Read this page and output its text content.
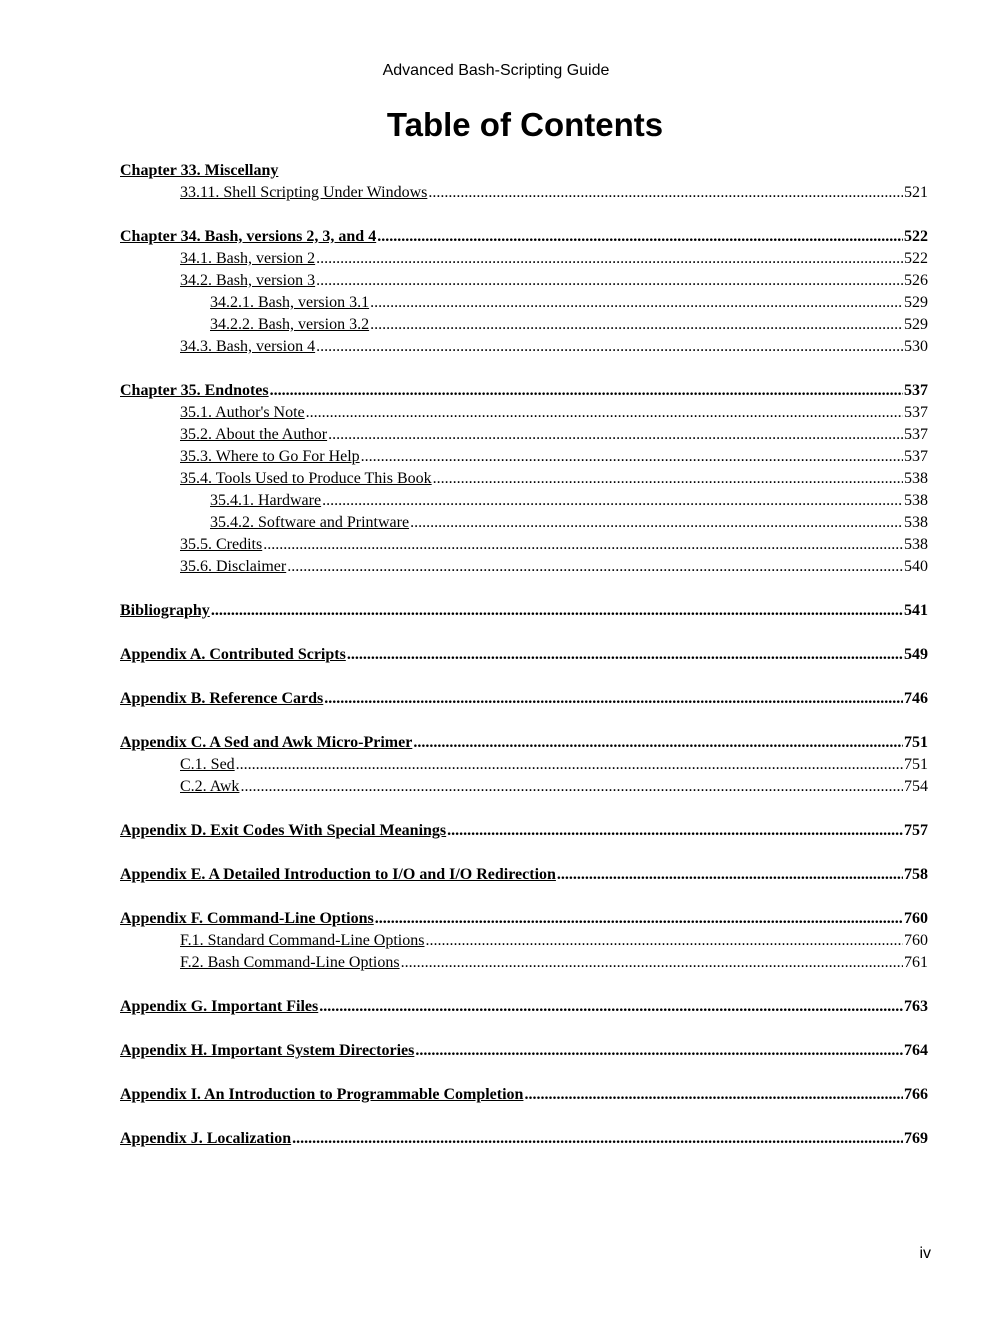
Advanced Bash-Scripting Guide
Table of Contents
Chapter 33. Miscellany
33.11. Shell Scripting Under Windows .....	521
Chapter 34. Bash, versions 2, 3, and 4 .....	522
34.1. Bash, version 2 .....	522
34.2. Bash, version 3 .....	526
34.2.1. Bash, version 3.1 .....	529
34.2.2. Bash, version 3.2 .....	529
34.3. Bash, version 4 .....	530
Chapter 35. Endnotes .....	537
35.1. Author's Note .....	537
35.2. About the Author .....	537
35.3. Where to Go For Help .....	537
35.4. Tools Used to Produce This Book .....	538
35.4.1. Hardware .....	538
35.4.2. Software and Printware .....	538
35.5. Credits .....	538
35.6. Disclaimer .....	540
Bibliography .....	541
Appendix A. Contributed Scripts .....	549
Appendix B. Reference Cards .....	746
Appendix C. A Sed and Awk Micro-Primer .....	751
C.1. Sed .....	751
C.2. Awk .....	754
Appendix D. Exit Codes With Special Meanings .....	757
Appendix E. A Detailed Introduction to I/O and I/O Redirection .....	758
Appendix F. Command-Line Options .....	760
F.1. Standard Command-Line Options .....	760
F.2. Bash Command-Line Options .....	761
Appendix G. Important Files .....	763
Appendix H. Important System Directories .....	764
Appendix I. An Introduction to Programmable Completion .....	766
Appendix J. Localization .....	769
iv
